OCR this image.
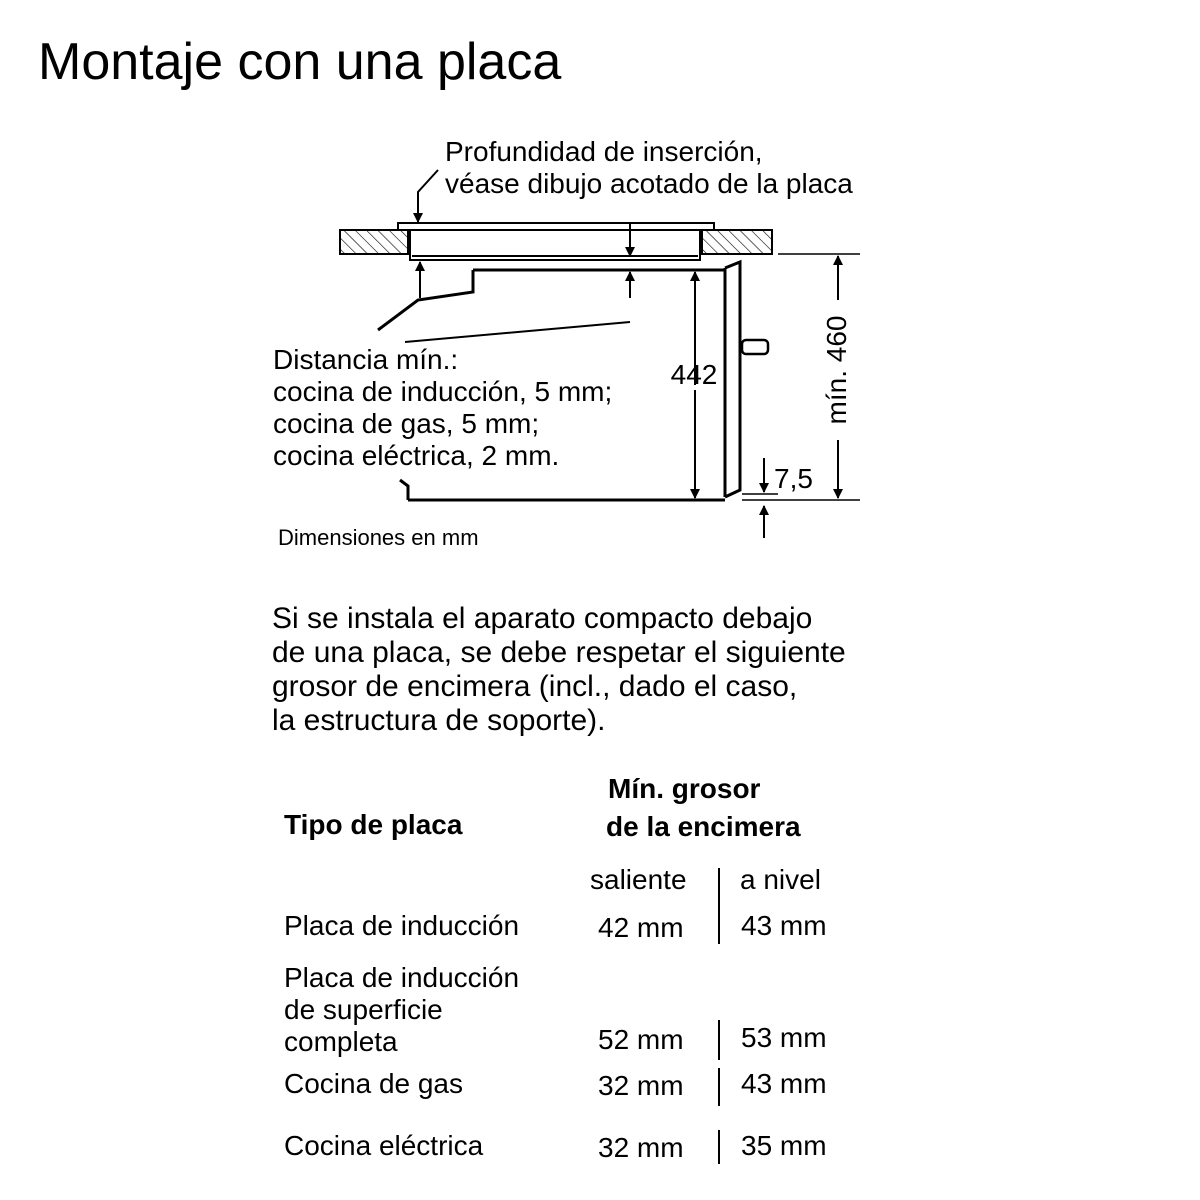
Montaje con una placa
442	mín. 460
7,5
Profundidad de inserción,
véase dibujo acotado de la placa
Distancia mín.:
cocina de inducción, 5 mm;
cocina de gas, 5 mm;
cocina eléctrica, 2 mm.
Dimensiones en mm
Si se instala el aparato compacto debajo
de una placa, se debe respetar el siguiente
grosor de encimera (incl., dado el caso,
la estructura de soporte).
Tipo de placa
Mín. grosor
de la encimera
saliente a nivel
Placa de inducción	42 mm 43 mm
Placa de inducción
de superficie
completa	52 mm 53 mm
Cocina de gas	32 mm 43 mm
Cocina eléctrica	32 mm 35 mm
